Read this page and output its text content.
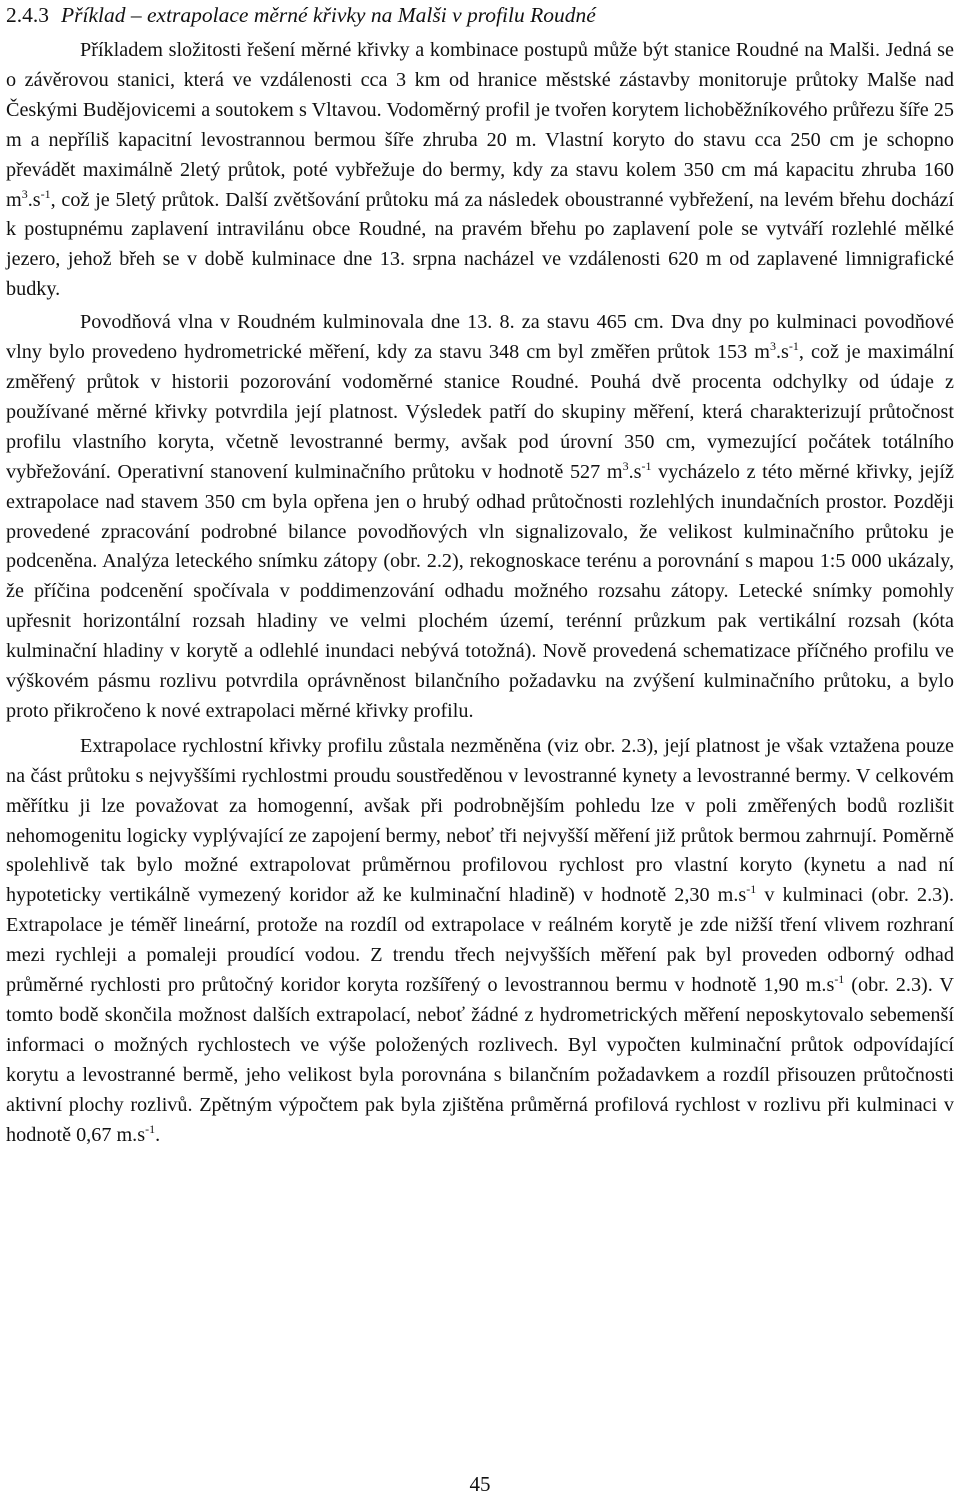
2.4.3 Příklad – extrapolace měrné křivky na Malši v profilu Roudné

Příkladem složitosti řešení měrné křivky a kombinace postupů může být stanice Roudné na Malši. Jedná se o závěrovou stanici, která ve vzdálenosti cca 3 km od hranice městské zástavby monitoruje průtoky Malše nad Českými Budějovicemi a soutokem s Vltavou. Vodoměrný profil je tvořen korytem lichoběžníkového průřezu šíře 25 m a nepříliš kapacitní levostrannou bermou šíře zhruba 20 m. Vlastní koryto do stavu cca 250 cm je schopno převádět maximálně 2letý průtok, poté vybřežuje do bermy, kdy za stavu kolem 350 cm má kapacitu zhruba 160 $m^3.s^{-1}$, což je 5letý průtok. Další zvětšování průtoku má za následek oboustranné vybřežení, na levém břehu dochází k postupnému zaplavení intravilánu obce Roudné, na pravém břehu po zaplavení pole se vytváří rozlehlé mělké jezero, jehož břeh se v době kulminace dne 13. srpna nacházel ve vzdálenosti 620 m od zaplavené limnigrafické budky.

Povodňová vlna v Roudném kulminovala dne 13. 8. za stavu 465 cm. Dva dny po kulminaci povodňové vlny bylo provedeno hydrometrické měření, kdy za stavu 348 cm byl změřen průtok 153 $m^3.s^{-1}$, což je maximální změřený průtok v historii pozorování vodoměrné stanice Roudné. Pouhá dvě procenta odchylky od údaje z používané měrné křivky potvrdila její platnost. Výsledek patří do skupiny měření, která charakterizují průtočnost profilu vlastního koryta, včetně levostranné bermy, avšak pod úrovní 350 cm, vymezující počátek totálního vybřežování. Operativní stanovení kulminačního průtoku v hodnotě 527 $m^3.s^{-1}$ vycházelo z této měrné křivky, jejíž extrapolace nad stavem 350 cm byla opřena jen o hrubý odhad průtočnosti rozlehlých inundačních prostor. Později provedené zpracování podrobné bilance povodňových vln signalizovalo, že velikost kulminačního průtoku je podceněna. Analýza leteckého snímku zátopy (obr. 2.2), rekognoskace terénu a porovnání s mapou 1:5 000 ukázaly, že příčina podcenění spočívala v poddimenzování odhadu možného rozsahu zátopy. Letecké snímky pomohly upřesnit horizontální rozsah hladiny ve velmi plochém území, terénní průzkum pak vertikální rozsah (kóta kulminační hladiny v korytě a odlehlé inundaci nebývá totožná). Nově provedená schematizace příčného profilu ve výškovém pásmu rozlivu potvrdila oprávněnost bilančního požadavku na zvýšení kulminačního průtoku, a bylo proto přikročeno k nové extrapolaci měrné křivky profilu.

Extrapolace rychlostní křivky profilu zůstala nezměněna (viz obr. 2.3), její platnost je však vztažena pouze na část průtoku s nejvyššími rychlostmi proudu soustředěnou v levostranné kynety a levostranné bermy. V celkovém měřítku ji lze považovat za homogenní, avšak při podrobnějším pohledu lze v poli změřených bodů rozlišit nehomogenitu logicky vyplývající ze zapojení bermy, neboť tři nejvyšší měření již průtok bermou zahrnují. Poměrně spolehlivě tak bylo možné extrapolovat průměrnou profilovou rychlost pro vlastní koryto (kynetu a nad ní hypoteticky vertikálně vymezený koridor až ke kulminační hladině) v hodnotě 2,30 $m.s^{-1}$ v kulminaci (obr. 2.3). Extrapolace je téměř lineární, protože na rozdíl od extrapolace v reálném korytě je zde nižší tření vlivem rozhraní mezi rychleji a pomaleji proudící vodou. Z trendu třech nejvyšších měření pak byl proveden odborný odhad průměrné rychlosti pro průtočný koridor koryta rozšířený o levostrannou bermu v hodnotě 1,90 $m.s^{-1}$ (obr. 2.3). V tomto bodě skončila možnost dalších extrapolací, neboť žádné z hydrometrických měření neposkytovalo sebemenší informaci o možných rychlostech ve výše položených rozlivech. Byl vypočten kulminační průtok odpovídající korytu a levostranné bermě, jeho velikost byla porovnána s bilančním požadavkem a rozdíl přisouzen průtočnosti aktivní plochy rozlivů. Zpětným výpočtem pak byla zjištěna průměrná profilová rychlost v rozlivu při kulminaci v hodnotě 0,67 $m.s^{-1}$.

45
